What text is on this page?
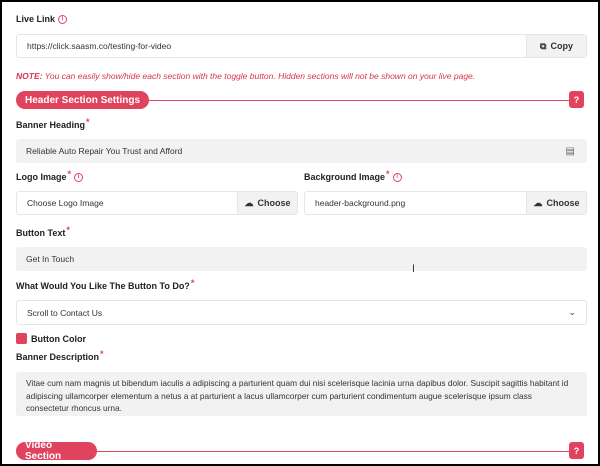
Live Link i
https://click.saasm.co/testing-for-video	⧉ Copy
NOTE: You can easily show/hide each section with the toggle button. Hidden sections will not be shown on your live page.
Header Section Settings	?
Banner Heading*
Reliable Auto Repair You Trust and Afford	▤
Logo Image* i	Background Image* i
Choose Logo Image	☁ Choose	header-background.png	☁ Choose
Button Text*
Get In Touch
Ⅰ
What Would You Like The Button To Do?*
Scroll to Contact Us	⌄
Button Color
Banner Description*
Vitae cum nam magnis ut bibendum iaculis a adipiscing a parturient quam dui nisi scelerisque lacinia urna dapibus dolor. Suscipit sagittis habitant id adipiscing ullamcorper elementum a netus a at parturient a lacus ullamcorper cum parturient condimentum augue scelerisque ipsum class consectetur rhoncus urna.
Video Section
?
